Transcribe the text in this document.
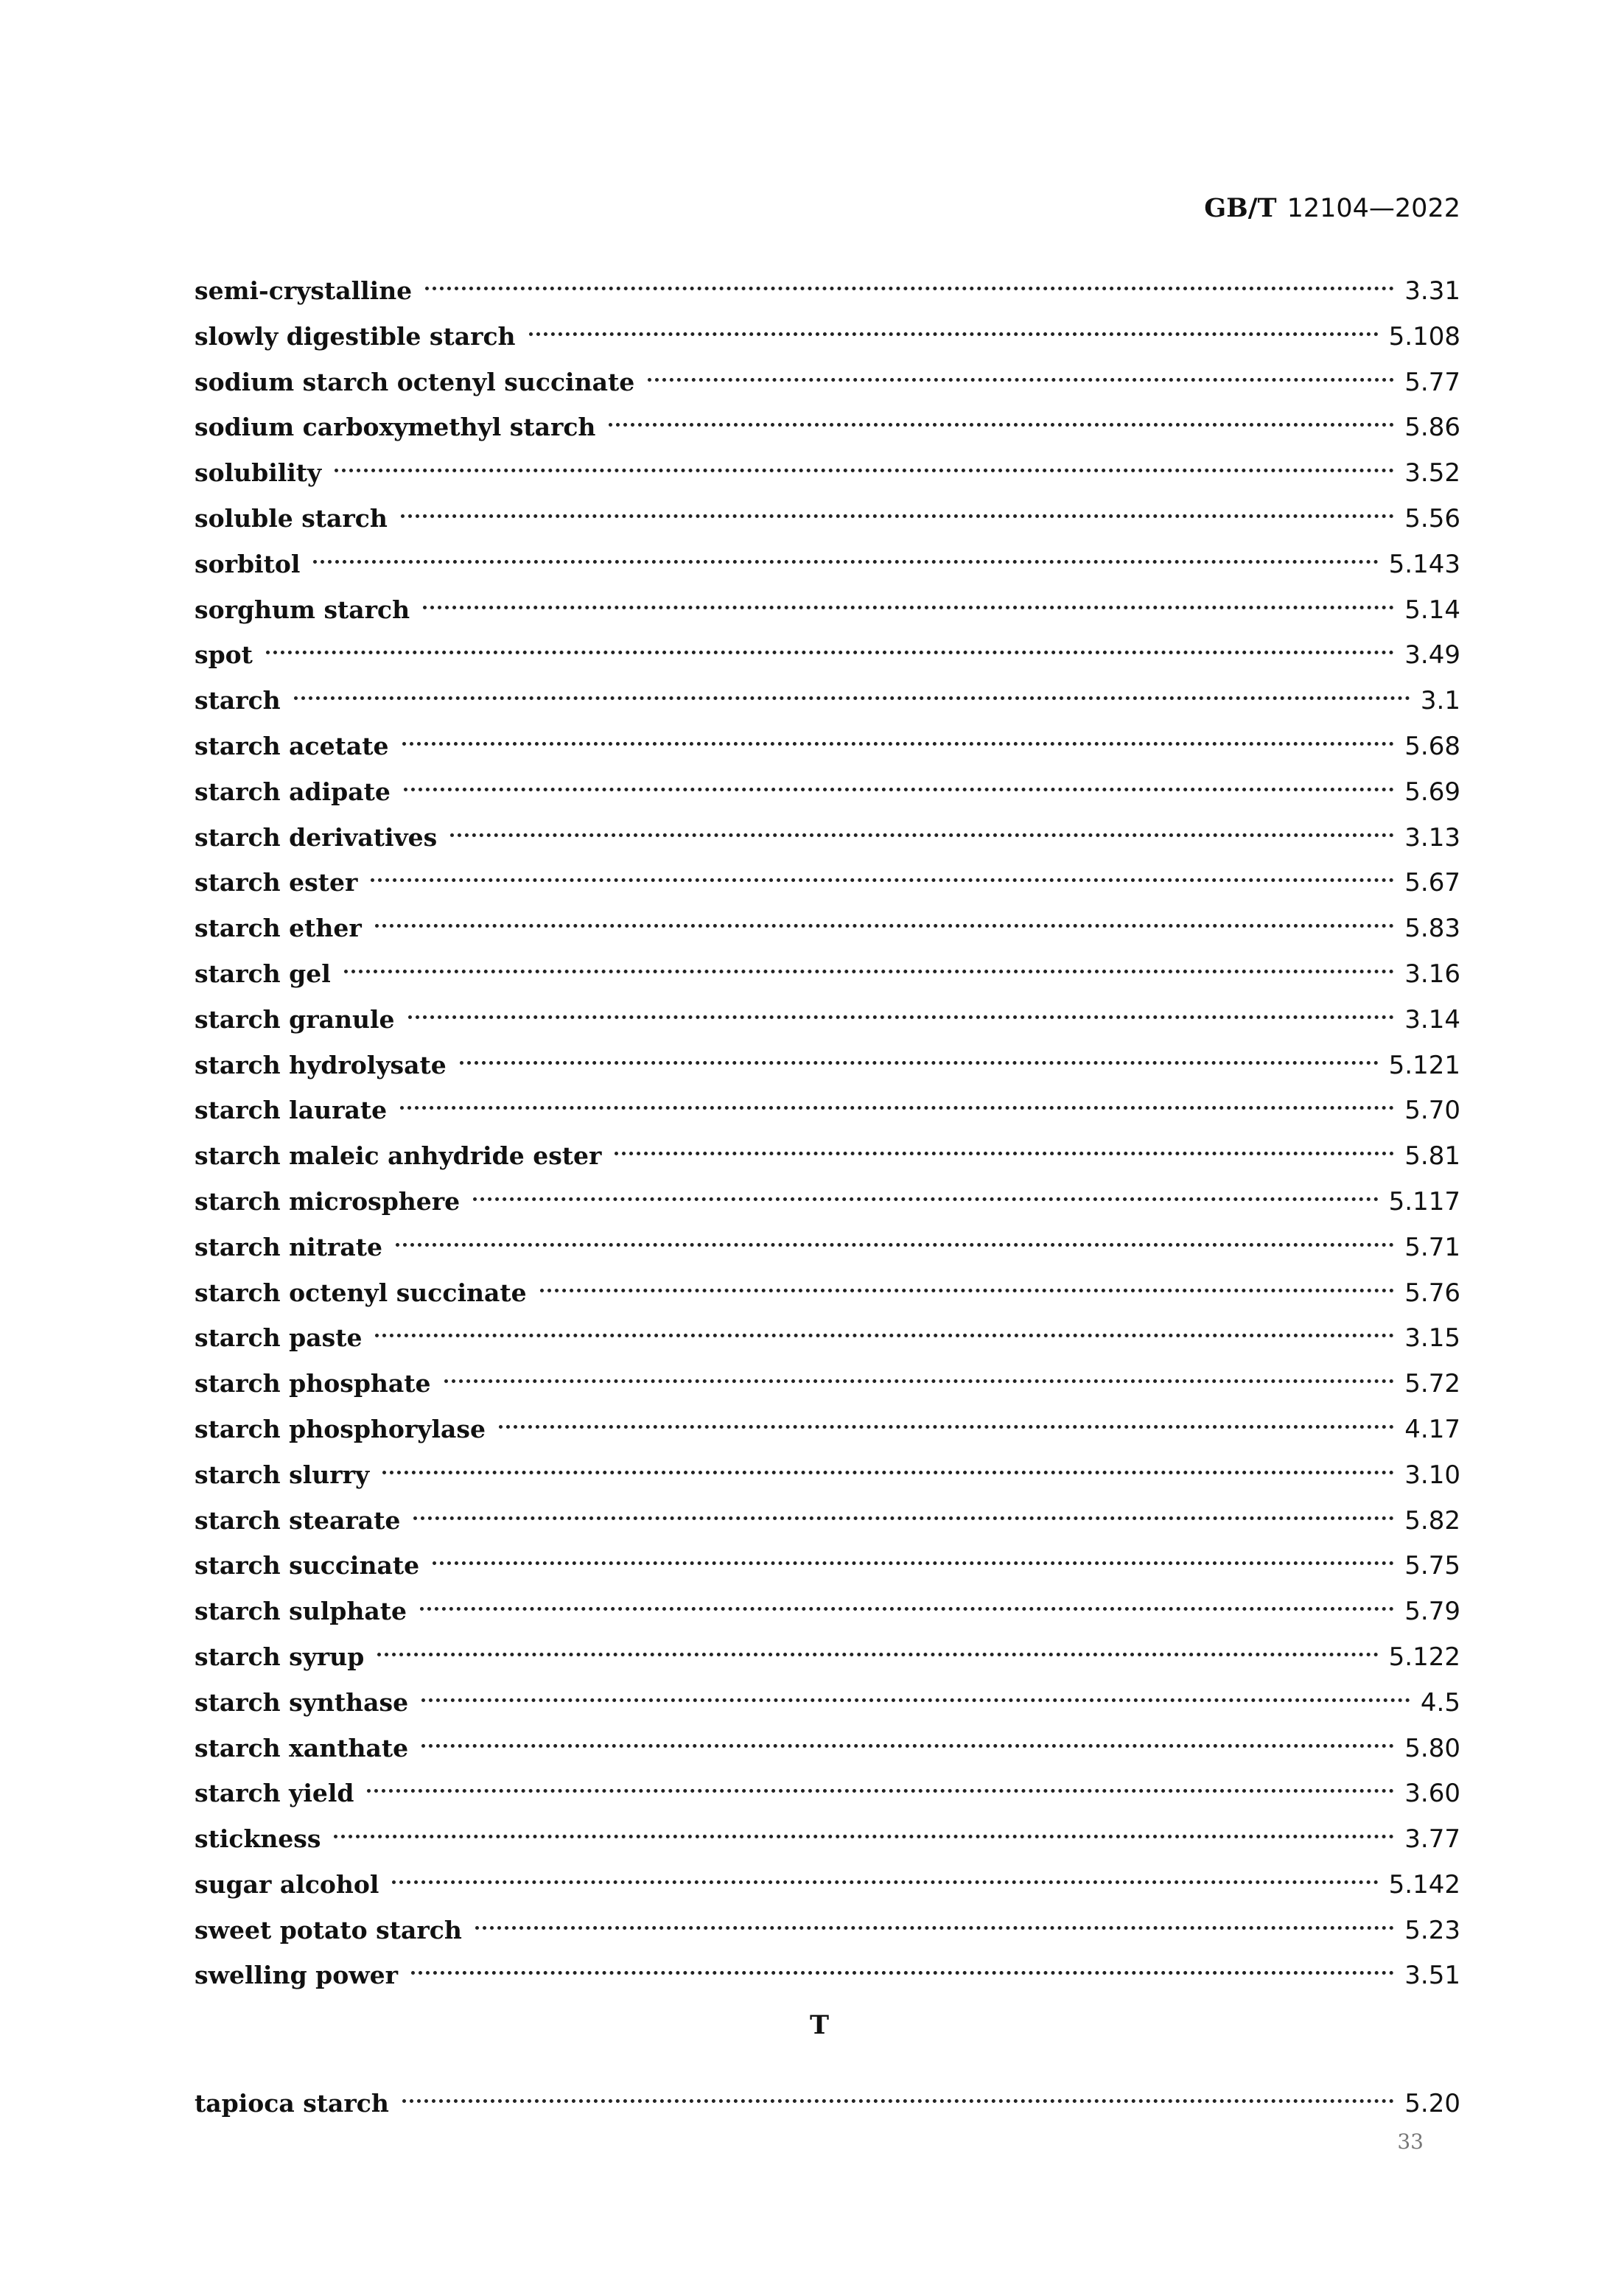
GB/T 12104—2022
semi-crystalline	3.31
slowly digestible starch	5.108
sodium starch octenyl succinate	5.77
sodium carboxymethyl starch	5.86
solubility	3.52
soluble starch	5.56
sorbitol	5.143
sorghum starch	5.14
spot	3.49
starch	3.1
starch acetate	5.68
starch adipate	5.69
starch derivatives	3.13
starch ester	5.67
starch ether	5.83
starch gel	3.16
starch granule	3.14
starch hydrolysate	5.121
starch laurate	5.70
starch maleic anhydride ester	5.81
starch microsphere	5.117
starch nitrate	5.71
starch octenyl succinate	5.76
starch paste	3.15
starch phosphate	5.72
starch phosphorylase	4.17
starch slurry	3.10
starch stearate	5.82
starch succinate	5.75
starch sulphate	5.79
starch syrup	5.122
starch synthase	4.5
starch xanthate	5.80
starch yield	3.60
stickness	3.77
sugar alcohol	5.142
sweet potato starch	5.23
swelling power	3.51
T
tapioca starch	5.20
33
